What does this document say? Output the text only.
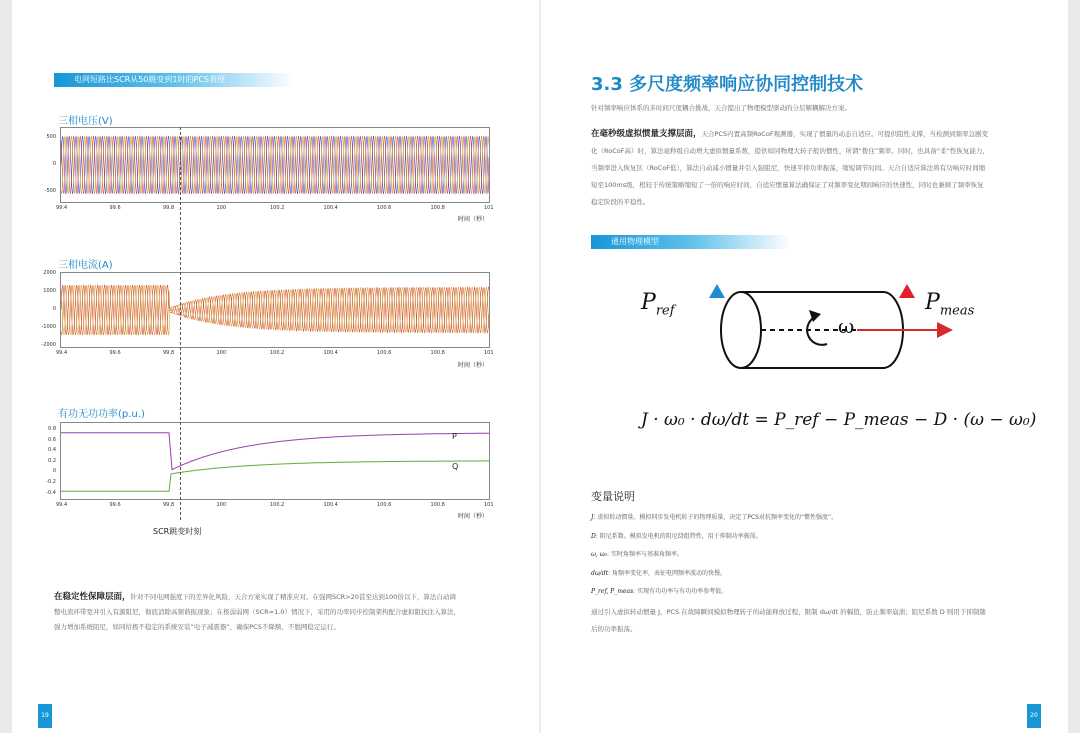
电网短路比SCR从50跳变到1时的PCS表现
三相电压(V)
500
0
-500
99.4	99.6	99.8	100	100.2	100.4	100.6	100.8	101
时间（秒）
三相电流(A)
2000
1000
0
-1000
-2000
99.4	99.6	99.8	100	100.2	100.4	100.6	100.8	101
时间（秒）
有功无功功率(p.u.)
0.8
0.6
0.4
0.2
0
-0.2
-0.4
P
Q
99.4	99.6	99.8	100	100.2	100.4	100.6	100.8	101
时间（秒）
SCR跳变时刻
在稳定性保障层面，针对不同电网强度下的差异化风险，天合方案实现了精准应对。在强网SCR>20甚至达到100倍以下，算法自动调
整电流环带宽并引入有源阻尼，彻底消除高频谐振现象；在极弱弱网（SCR=1.0）情况下，采用的功率同步控制架构配合虚拟阻抗注入算法，
强力增加系统阻尼，如同给极不稳定的系统安装“电子减震器”，确保PCS不降额、不脱网稳定运行。
19
3.3 多尺度频率响应协同控制技术
针对频率响应体系的多时间尺度耦合挑战，天合提出了物理模型驱动的分层解耦解决方案。
在毫秒级虚拟惯量支撑层面，天合PCS内置高频RoCoF观测器，实现了惯量的动态自适应。可提供阻性支撑，当检测到频率急剧变
化（RoCoF高）时，算法毫秒级自动增大虚拟惯量系数，提供如同物理大转子般的惯性，所谓“拨住”频率。同时，也具备“柔”性恢复能力，
当频率进入恢复区（RoCoF低），算法自动减小惯量并引入强阻尼，快速平抑功率振荡，缩短调节时间。天合自适应算法将有功响应时间缩
短至100ms级，相较于传统策略缩短了一倍的响应时间，自适应惯量算法确保证了对频率变化期间响应的快速性，同时也兼顾了频率恢复
稳定阶段的平稳性。
通用物理模型
$P_{ref}$	$P_{meas}$
ω
J · ω₀ · dω/dt = P_ref − P_meas − D · (ω − ω₀)
变量说明
J: 虚拟转动惯量。模拟同步发电机转子的物理质量，决定了PCS对抗频率变化的“惯性强度”。
D: 阻尼系数。模拟发电机的阻尼绕组特性，用于抑制功率振荡。
ω, ω₀: 实时角频率与基准角频率。
dω/dt: 角频率变化率，表征电网频率波动的快慢。
P_ref, P_meas: 实现有功功率与有功功率参考值。
通过引入虚拟转动惯量 J，PCS 在故障瞬间模拟物理转子的动能释放过程，限制 dω/dt 的幅值，防止频率崩溃；阻尼系数 D 则用于抑制随
后的功率振荡。
20
